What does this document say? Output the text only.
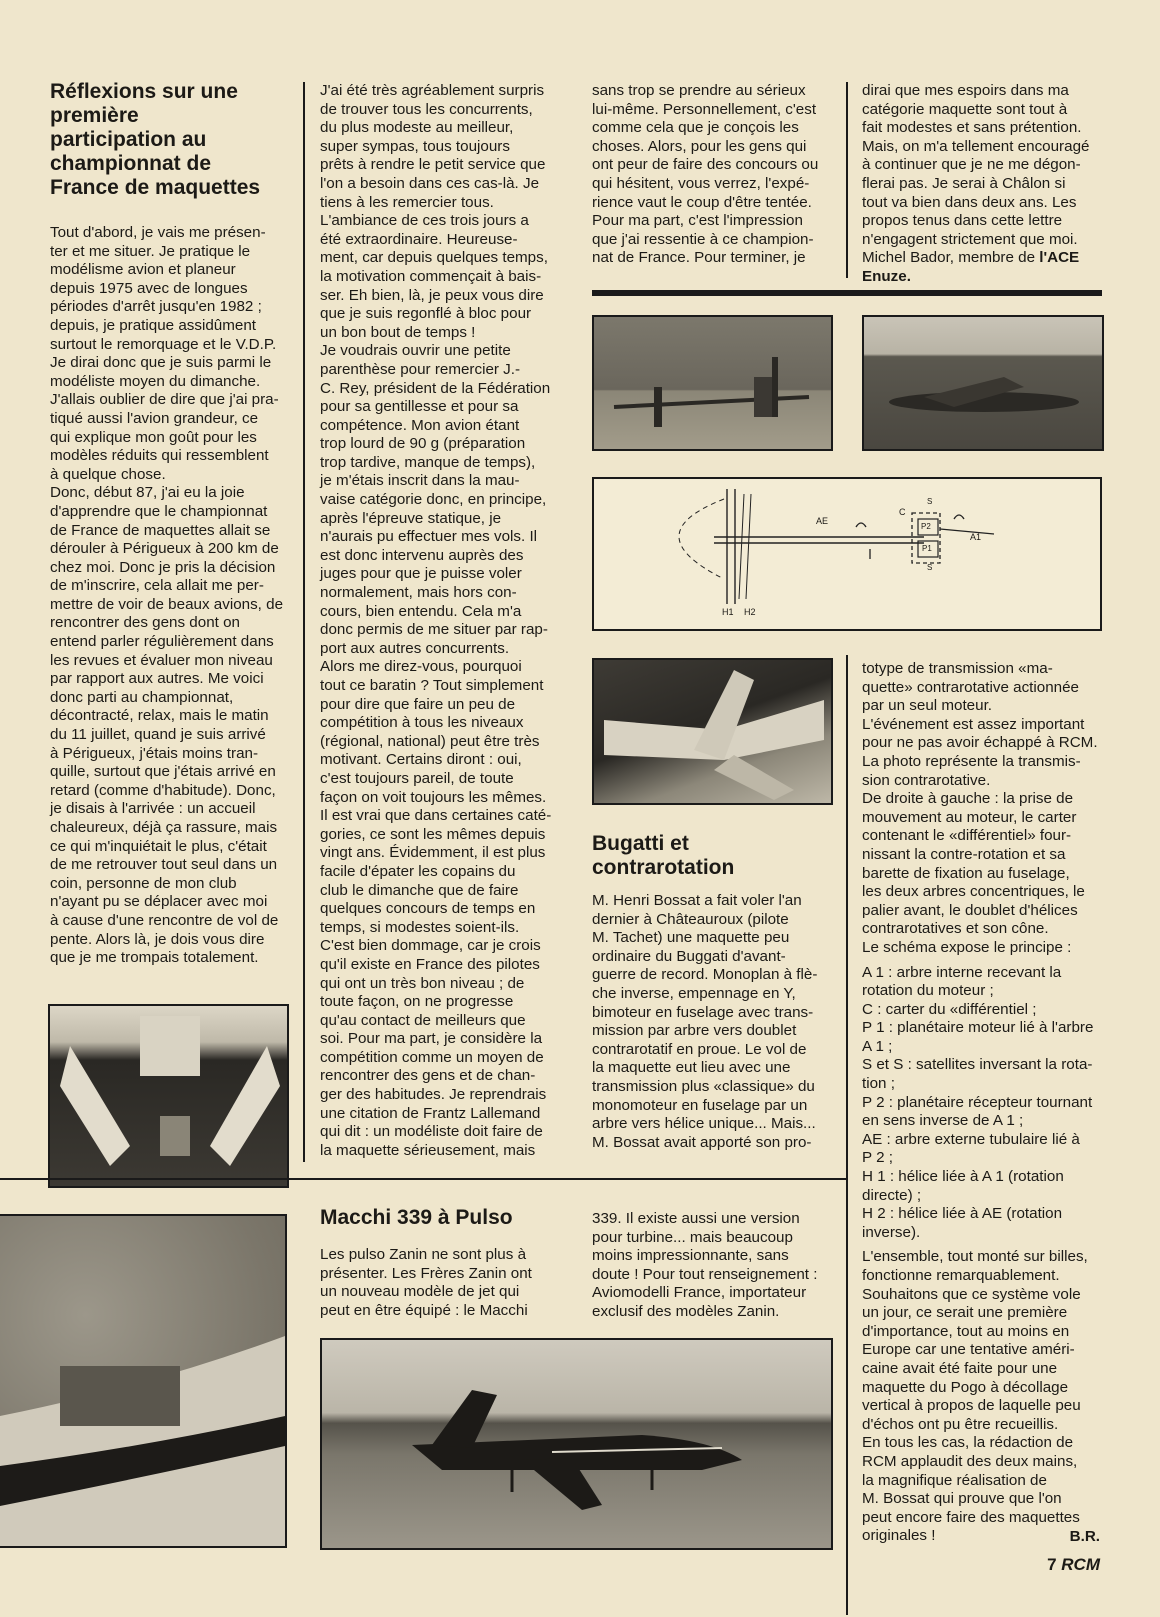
Réflexions sur une
première
participation au
championnat de
France de maquettes

Tout d'abord, je vais me présen-
ter et me situer. Je pratique le
modélisme avion et planeur
depuis 1975 avec de longues
périodes d'arrêt jusqu'en 1982 ;
depuis, je pratique assidûment
surtout le remorquage et le V.D.P.
Je dirai donc que je suis parmi le
modéliste moyen du dimanche.
J'allais oublier de dire que j'ai pra-
tiqué aussi l'avion grandeur, ce
qui explique mon goût pour les
modèles réduits qui ressemblent
à quelque chose.
Donc, début 87, j'ai eu la joie
d'apprendre que le championnat
de France de maquettes allait se
dérouler à Périgueux à 200 km de
chez moi. Donc je pris la décision
de m'inscrire, cela allait me per-
mettre de voir de beaux avions, de
rencontrer des gens dont on
entend parler régulièrement dans
les revues et évaluer mon niveau
par rapport aux autres. Me voici
donc parti au championnat,
décontracté, relax, mais le matin
du 11 juillet, quand je suis arrivé
à Périgueux, j'étais moins tran-
quille, surtout que j'étais arrivé en
retard (comme d'habitude). Donc,
je disais à l'arrivée : un accueil
chaleureux, déjà ça rassure, mais
ce qui m'inquiétait le plus, c'était
de me retrouver tout seul dans un
coin, personne de mon club
n'ayant pu se déplacer avec moi
à cause d'une rencontre de vol de
pente. Alors là, je dois vous dire
que je me trompais totalement.

J'ai été très agréablement surpris
de trouver tous les concurrents,
du plus modeste au meilleur,
super sympas, tous toujours
prêts à rendre le petit service que
l'on a besoin dans ces cas-là. Je
tiens à les remercier tous.
L'ambiance de ces trois jours a
été extraordinaire. Heureuse-
ment, car depuis quelques temps,
la motivation commençait à bais-
ser. Eh bien, là, je peux vous dire
que je suis regonflé à bloc pour
un bon bout de temps !
Je voudrais ouvrir une petite
parenthèse pour remercier J.-
C. Rey, président de la Fédération
pour sa gentillesse et pour sa
compétence. Mon avion étant
trop lourd de 90 g (préparation
trop tardive, manque de temps),
je m'étais inscrit dans la mau-
vaise catégorie donc, en principe,
après l'épreuve statique, je
n'aurais pu effectuer mes vols. Il
est donc intervenu auprès des
juges pour que je puisse voler
normalement, mais hors con-
cours, bien entendu. Cela m'a
donc permis de me situer par rap-
port aux autres concurrents.
Alors me direz-vous, pourquoi
tout ce baratin ? Tout simplement
pour dire que faire un peu de
compétition à tous les niveaux
(régional, national) peut être très
motivant. Certains diront : oui,
c'est toujours pareil, de toute
façon on voit toujours les mêmes.
Il est vrai que dans certaines caté-
gories, ce sont les mêmes depuis
vingt ans. Évidemment, il est plus
facile d'épater les copains du
club le dimanche que de faire
quelques concours de temps en
temps, si modestes soient-ils.
C'est bien dommage, car je crois
qu'il existe en France des pilotes
qui ont un très bon niveau ; de
toute façon, on ne progresse
qu'au contact de meilleurs que
soi. Pour ma part, je considère la
compétition comme un moyen de
rencontrer des gens et de chan-
ger des habitudes. Je reprendrais
une citation de Frantz Lallemand
qui dit : un modéliste doit faire de
la maquette sérieusement, mais

sans trop se prendre au sérieux
lui-même. Personnellement, c'est
comme cela que je conçois les
choses. Alors, pour les gens qui
ont peur de faire des concours ou
qui hésitent, vous verrez, l'expé-
rience vaut le coup d'être tentée.
Pour ma part, c'est l'impression
que j'ai ressentie à ce champion-
nat de France. Pour terminer, je

dirai que mes espoirs dans ma
catégorie maquette sont tout à
fait modestes et sans prétention.
Mais, on m'a tellement encouragé
à continuer que je ne me dégon-
flerai pas. Je serai à Châlon si
tout va bien dans deux ans. Les
propos tenus dans cette lettre
n'engagent strictement que moi.
Michel Bador, membre de

l'ACE
Enuze.
AE
C
P2
P1
S
S
A1
H1 H2
Bugatti et
contrarotation

M. Henri Bossat a fait voler l'an
dernier à Châteauroux (pilote
M. Tachet) une maquette peu
ordinaire du Buggati d'avant-
guerre de record. Monoplan à flè-
che inverse, empennage en Y,
bimoteur en fuselage avec trans-
mission par arbre vers doublet
contrarotatif en proue. Le vol de
la maquette eut lieu avec une
transmission plus «classique» du
monomoteur en fuselage par un
arbre vers hélice unique... Mais...
M. Bossat avait apporté son pro-

totype de transmission «ma-
quette» contrarotative actionnée
par un seul moteur.
L'événement est assez important
pour ne pas avoir échappé à RCM.
La photo représente la transmis-
sion contrarotative.
De droite à gauche : la prise de
mouvement au moteur, le carter
contenant le «différentiel» four-
nissant la contre-rotation et sa
barette de fixation au fuselage,
les deux arbres concentriques, le
palier avant, le doublet d'hélices
contrarotatives et son cône.
Le schéma expose le principe :

A 1 : arbre interne recevant la
rotation du moteur ;

C : carter du «différentiel ;

P 1 : planétaire moteur lié à l'arbre
A 1 ;

S et S : satellites inversant la rota-
tion ;

P 2 : planétaire récepteur tournant
en sens inverse de A 1 ;

AE : arbre externe tubulaire lié à
P 2 ;

H 1 : hélice liée à A 1 (rotation
directe) ;

H 2 : hélice liée à AE (rotation
inverse).

L'ensemble, tout monté sur billes,
fonctionne remarquablement.
Souhaitons que ce système vole
un jour, ce serait une première
d'importance, tout au moins en
Europe car une tentative améri-
caine avait été faite pour une
maquette du Pogo à décollage
vertical à propos de laquelle peu
d'échos ont pu être recueillis.
En tous les cas, la rédaction de
RCM applaudit des deux mains,
la magnifique réalisation de
M. Bossat qui prouve que l'on
peut encore faire des maquettes
originales !	B.R.

Macchi 339 à Pulso

Les pulso Zanin ne sont plus à
présenter. Les Frères Zanin ont
un nouveau modèle de jet qui
peut en être équipé : le Macchi

339. Il existe aussi une version
pour turbine... mais beaucoup
moins impressionnante, sans
doute ! Pour tout renseignement :
Aviomodelli France, importateur
exclusif des modèles Zanin.

7 RCM
